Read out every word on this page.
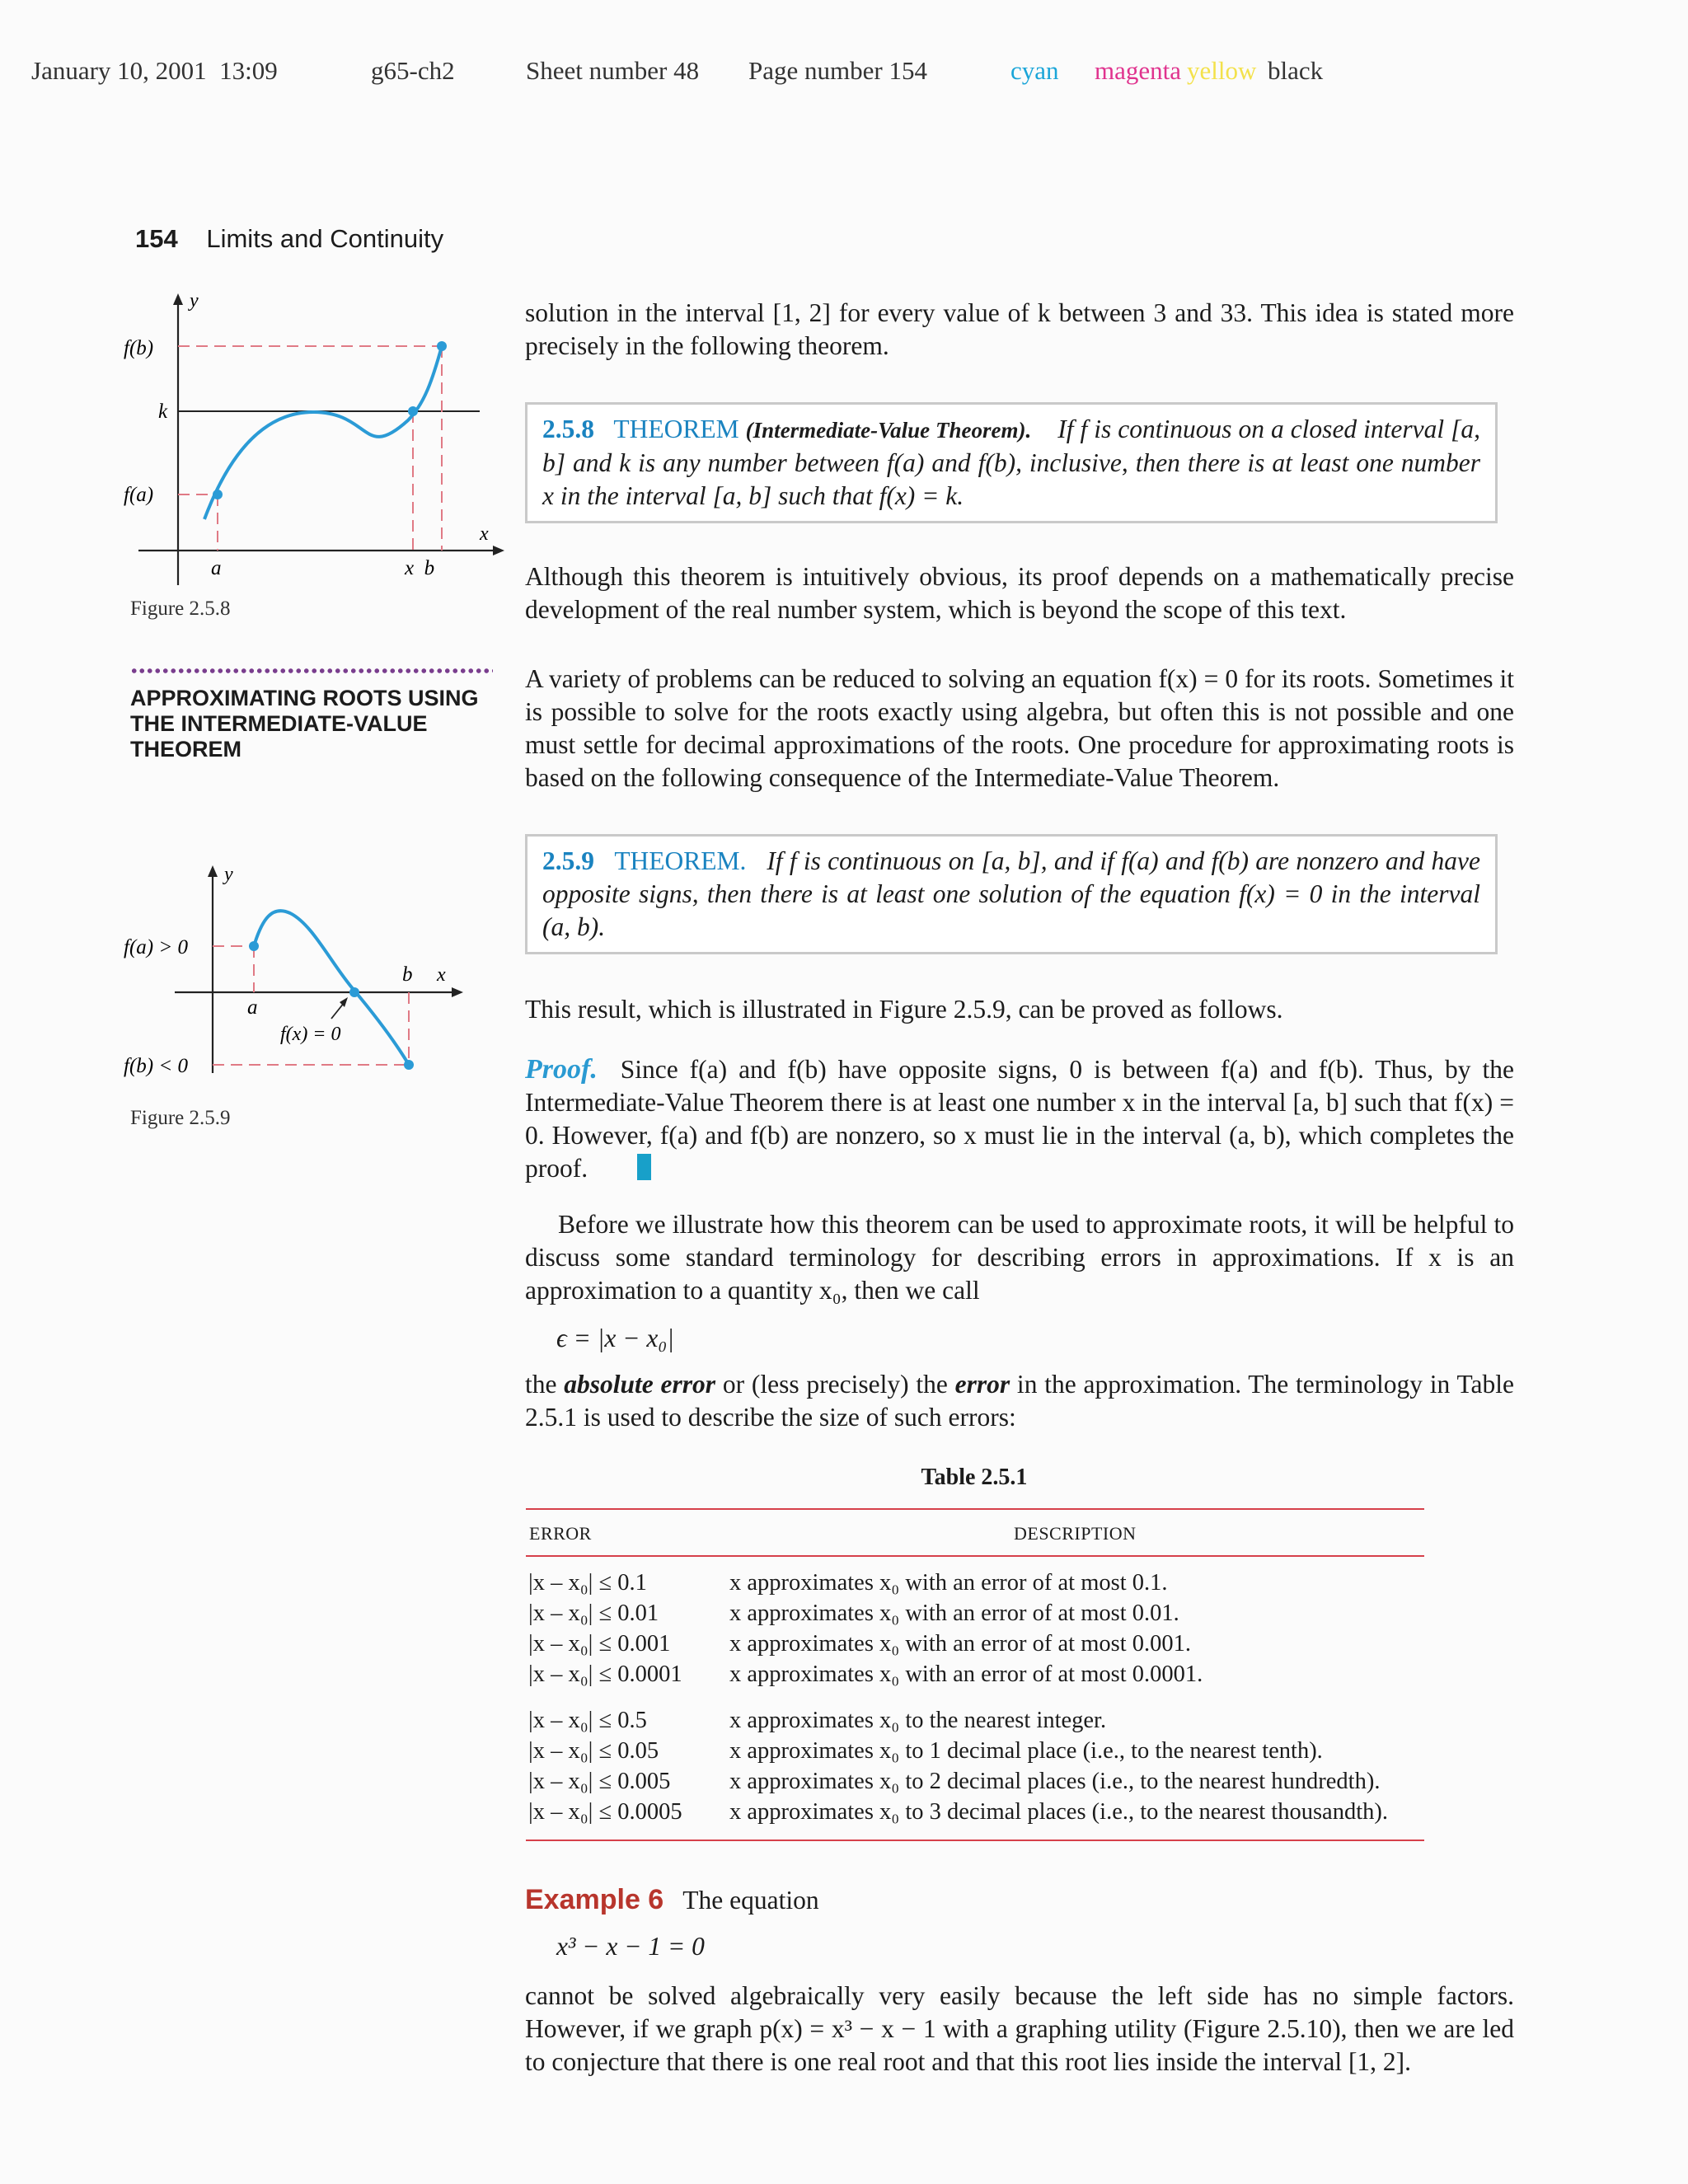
January 10, 2001 13:09	g65-ch2	Sheet number 48 Page number 154	cyan magenta yellow black
154 Limits and Continuity
y
f(b)
k
f(a)
x
a	x  b
Figure 2.5.8
APPROXIMATING ROOTS USING THE INTERMEDIATE-VALUE THEOREM
y
f(a) > 0
f(b) < 0
a
b x
f(x) = 0
Figure 2.5.9

solution in the interval [1, 2] for every value of k between 3 and 33. This idea is stated more precisely in the following theorem.

2.5.8 THEOREM (Intermediate-Value Theorem). If f is continuous on a closed interval [a, b] and k is any number between f(a) and f(b), inclusive, then there is at least one number x in the interval [a, b] such that f(x) = k.

Although this theorem is intuitively obvious, its proof depends on a mathematically precise development of the real number system, which is beyond the scope of this text.

A variety of problems can be reduced to solving an equation f(x) = 0 for its roots. Sometimes it is possible to solve for the roots exactly using algebra, but often this is not possible and one must settle for decimal approximations of the roots. One procedure for approximating roots is based on the following consequence of the Intermediate-Value Theorem.

2.5.9 THEOREM. If f is continuous on [a, b], and if f(a) and f(b) are nonzero and have opposite signs, then there is at least one solution of the equation f(x) = 0 in the interval (a, b).

This result, which is illustrated in Figure 2.5.9, can be proved as follows.

Proof. Since f(a) and f(b) have opposite signs, 0 is between f(a) and f(b). Thus, by the Intermediate-Value Theorem there is at least one number x in the interval [a, b] such that f(x) = 0. However, f(a) and f(b) are nonzero, so x must lie in the interval (a, b), which completes the proof.

Before we illustrate how this theorem can be used to approximate roots, it will be helpful to discuss some standard terminology for describing errors in approximations. If x is an approximation to a quantity x₀, then we call

ϵ = |x − x₀|

the absolute error or (less precisely) the error in the approximation. The terminology in Table 2.5.1 is used to describe the size of such errors:

Table 2.5.1
ERROR	DESCRIPTION
|x – x₀| ≤ 0.1	x approximates x₀ with an error of at most 0.1.
|x – x₀| ≤ 0.01	x approximates x₀ with an error of at most 0.01.
|x – x₀| ≤ 0.001	x approximates x₀ with an error of at most 0.001.
|x – x₀| ≤ 0.0001	x approximates x₀ with an error of at most 0.0001.
|x – x₀| ≤ 0.5	x approximates x₀ to the nearest integer.
|x – x₀| ≤ 0.05	x approximates x₀ to 1 decimal place (i.e., to the nearest tenth).
|x – x₀| ≤ 0.005	x approximates x₀ to 2 decimal places (i.e., to the nearest hundredth).
|x – x₀| ≤ 0.0005	x approximates x₀ to 3 decimal places (i.e., to the nearest thousandth).
Example 6 The equation
x³ − x − 1 = 0

cannot be solved algebraically very easily because the left side has no simple factors. However, if we graph p(x) = x³ − x − 1 with a graphing utility (Figure 2.5.10), then we are led to conjecture that there is one real root and that this root lies inside the interval [1, 2].
